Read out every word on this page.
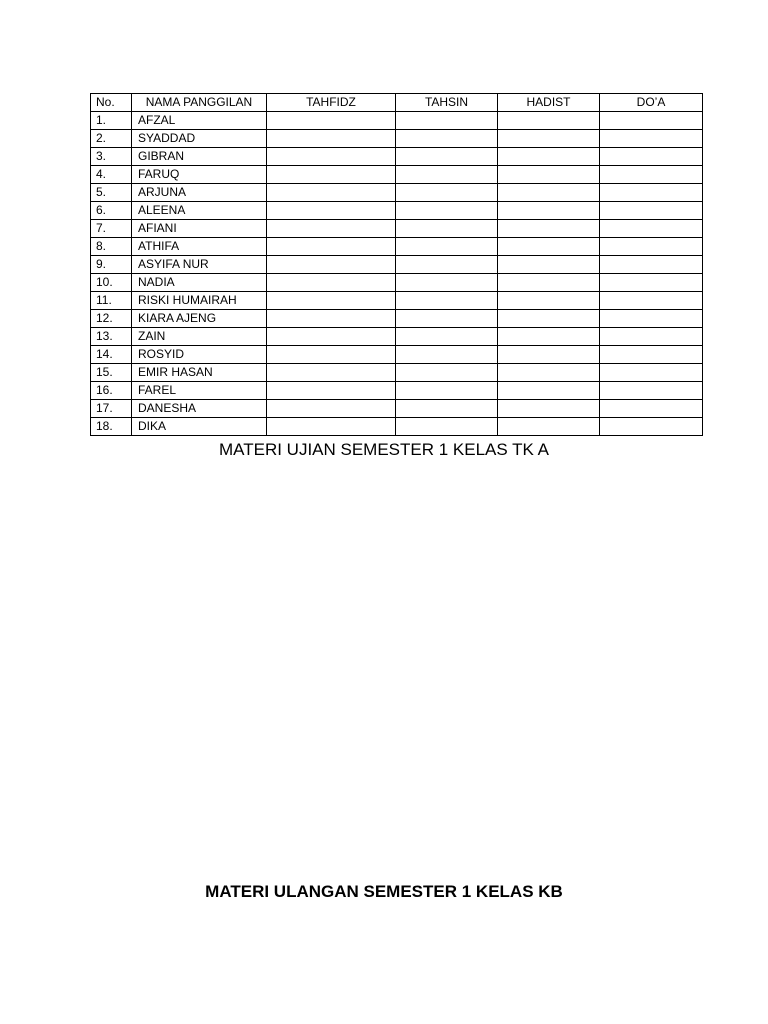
No.	NAMA PANGGILAN	TAHFIDZ	TAHSIN	HADIST	DO’A
1.	AFZAL				
2.	SYADDAD				
3.	GIBRAN				
4.	FARUQ				
5.	ARJUNA				
6.	ALEENA				
7.	AFIANI				
8.	ATHIFA				
9.	ASYIFA NUR				
10.	NADIA				
11.	RISKI HUMAIRAH				
12.	KIARA AJENG				
13.	ZAIN				
14.	ROSYID				
15.	EMIR HASAN				
16.	FAREL				
17.	DANESHA				
18.	DIKA				
MATERI UJIAN SEMESTER 1 KELAS TK A
MATERI ULANGAN SEMESTER 1 KELAS KB
